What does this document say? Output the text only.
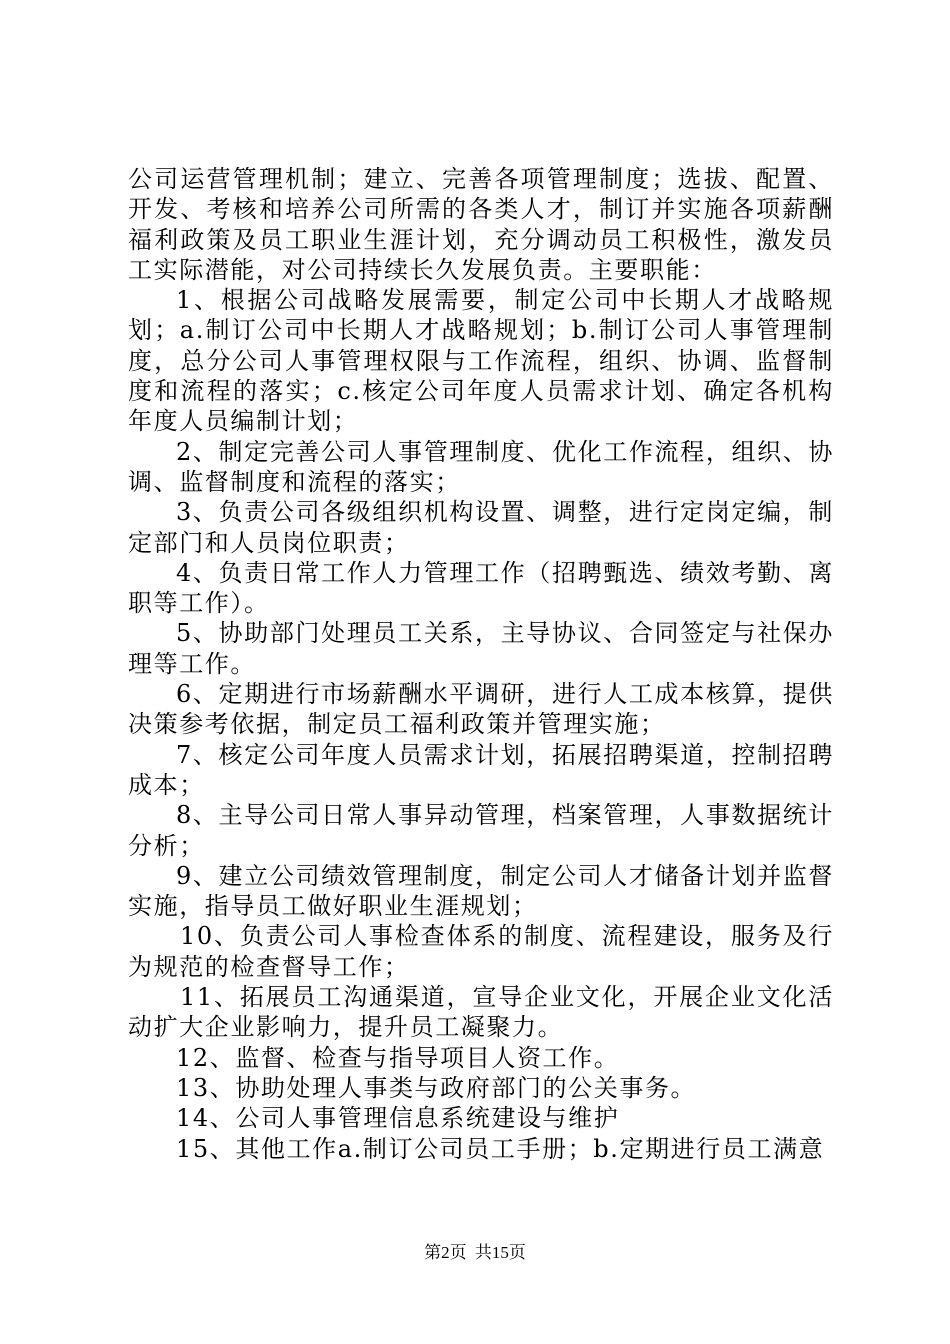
公司运营管理机制；建立、完善各项管理制度；选拔、配置、开发、考核和培养公司所需的各类人才，制订并实施各项薪酬福利政策及员工职业生涯计划，充分调动员工积极性，激发员工实际潜能，对公司持续长久发展负责。主要职能：

1、根据公司战略发展需要，制定公司中长期人才战略规划；a.制订公司中长期人才战略规划；b.制订公司人事管理制度，总分公司人事管理权限与工作流程，组织、协调、监督制度和流程的落实；c.核定公司年度人员需求计划、确定各机构年度人员编制计划；

2、制定完善公司人事管理制度、优化工作流程，组织、协调、监督制度和流程的落实；

3、负责公司各级组织机构设置、调整，进行定岗定编，制定部门和人员岗位职责；

4、负责日常工作人力管理工作（招聘甄选、绩效考勤、离职等工作）。

5、协助部门处理员工关系，主导协议、合同签定与社保办理等工作。

6、定期进行市场薪酬水平调研，进行人工成本核算，提供决策参考依据，制定员工福利政策并管理实施；

7、核定公司年度人员需求计划，拓展招聘渠道，控制招聘成本；

8、主导公司日常人事异动管理，档案管理，人事数据统计分析；

9、建立公司绩效管理制度，制定公司人才储备计划并监督实施，指导员工做好职业生涯规划；

10、负责公司人事检查体系的制度、流程建设，服务及行为规范的检查督导工作；

11、拓展员工沟通渠道，宣导企业文化，开展企业文化活动扩大企业影响力，提升员工凝聚力。

12、监督、检查与指导项目人资工作。

13、协助处理人事类与政府部门的公关事务。

14、公司人事管理信息系统建设与维护

15、其他工作a.制订公司员工手册；b.定期进行员工满意

第2页 共15页
